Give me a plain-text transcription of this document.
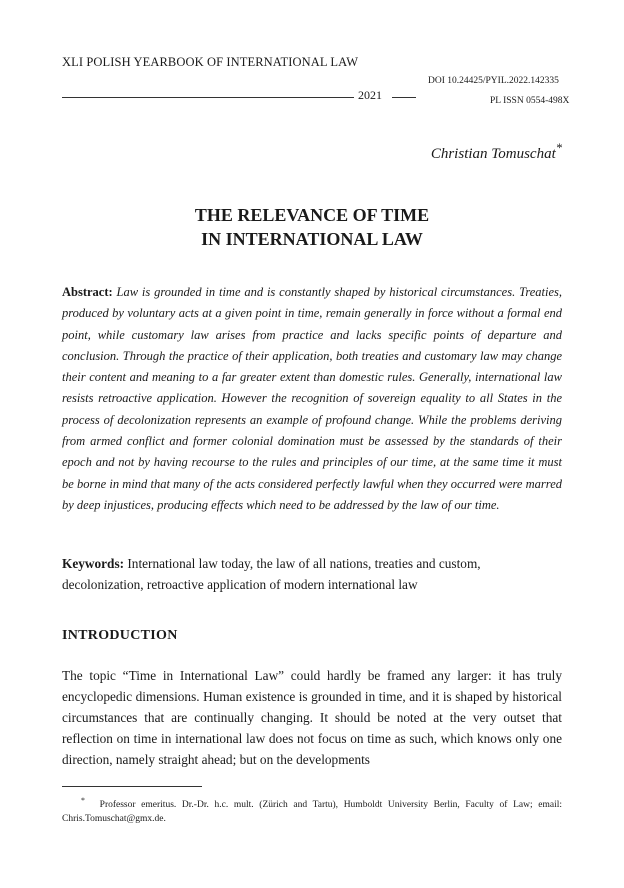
XLI POLISH YEARBOOK OF INTERNATIONAL LAW
DOI 10.24425/PYIL.2022.142335
2021	PL ISSN 0554-498X
Christian Tomuschat*
THE RELEVANCE OF TIME
IN INTERNATIONAL LAW
Abstract: Law is grounded in time and is constantly shaped by historical circumstances. Treaties, produced by voluntary acts at a given point in time, remain generally in force without a formal end point, while customary law arises from practice and lacks specific points of departure and conclusion. Through the practice of their application, both treaties and customary law may change their content and meaning to a far greater extent than domestic rules. Generally, international law resists retroactive application. However the recognition of sovereign equality to all States in the process of decolonization represents an example of profound change. While the problems deriving from armed conflict and former colonial domination must be assessed by the standards of their epoch and not by having recourse to the rules and principles of our time, at the same time it must be borne in mind that many of the acts considered perfectly lawful when they occurred were marred by deep injustices, producing effects which need to be addressed by the law of our time.
Keywords: International law today, the law of all nations, treaties and custom, decolonization, retroactive application of modern international law
INTRODUCTION
The topic “Time in International Law” could hardly be framed any larger: it has truly encyclopedic dimensions. Human existence is grounded in time, and it is shaped by historical circumstances that are continually changing. It should be noted at the very outset that reflection on time in international law does not focus on time as such, which knows only one direction, namely straight ahead; but on the developments
* Professor emeritus. Dr.-Dr. h.c. mult. (Zürich and Tartu), Humboldt University Berlin, Faculty of Law; email: Chris.Tomuschat@gmx.de.
